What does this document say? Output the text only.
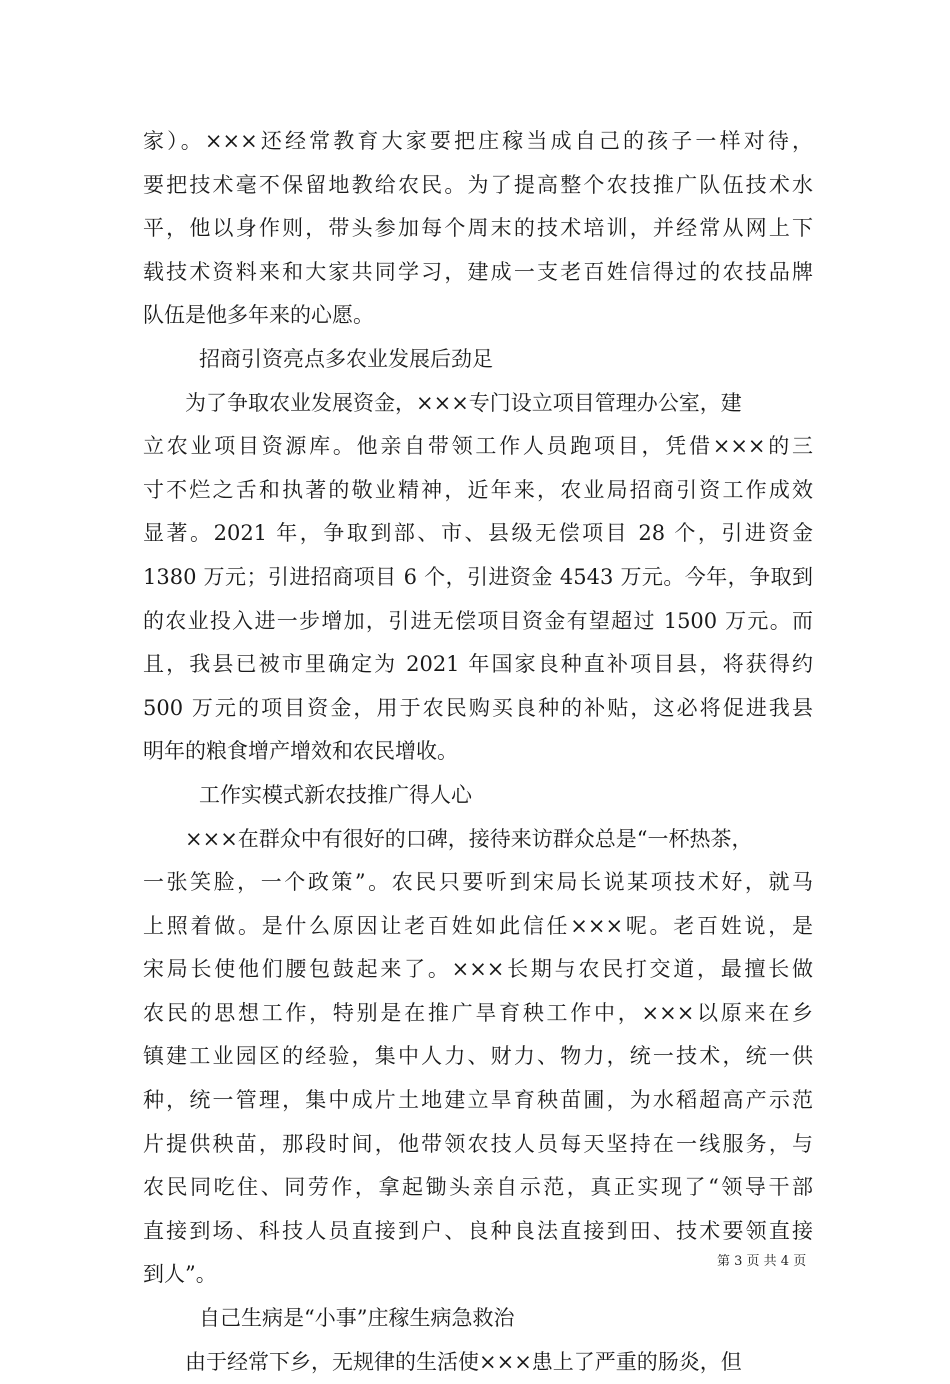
家）。×××还经常教育大家要把庄稼当成自己的孩子一样对待，
要把技术毫不保留地教给农民。为了提高整个农技推广队伍技术水
平，他以身作则，带头参加每个周末的技术培训，并经常从网上下
载技术资料来和大家共同学习，建成一支老百姓信得过的农技品牌
队伍是他多年来的心愿。
招商引资亮点多农业发展后劲足
为了争取农业发展资金，×××专门设立项目管理办公室，建
立农业项目资源库。他亲自带领工作人员跑项目，凭借×××的三
寸不烂之舌和执著的敬业精神，近年来，农业局招商引资工作成效
显著。2021 年，争取到部、市、县级无偿项目 28 个，引进资金
1380 万元；引进招商项目 6 个，引进资金 4543 万元。今年，争取到
的农业投入进一步增加，引进无偿项目资金有望超过 1500 万元。而
且，我县已被市里确定为 2021 年国家良种直补项目县，将获得约
500 万元的项目资金，用于农民购买良种的补贴，这必将促进我县
明年的粮食增产增效和农民增收。
工作实模式新农技推广得人心
×××在群众中有很好的口碑，接待来访群众总是“一杯热茶，
一张笑脸，一个政策”。农民只要听到宋局长说某项技术好，就马
上照着做。是什么原因让老百姓如此信任×××呢。老百姓说，是
宋局长使他们腰包鼓起来了。×××长期与农民打交道，最擅长做
农民的思想工作，特别是在推广旱育秧工作中，×××以原来在乡
镇建工业园区的经验，集中人力、财力、物力，统一技术，统一供
种，统一管理，集中成片土地建立旱育秧苗圃，为水稻超高产示范
片提供秧苗，那段时间，他带领农技人员每天坚持在一线服务，与
农民同吃住、同劳作，拿起锄头亲自示范，真正实现了“领导干部
直接到场、科技人员直接到户、良种良法直接到田、技术要领直接
到人”。
自己生病是“小事”庄稼生病急救治
由于经常下乡，无规律的生活使×××患上了严重的肠炎，但
第 3 页 共 4 页
